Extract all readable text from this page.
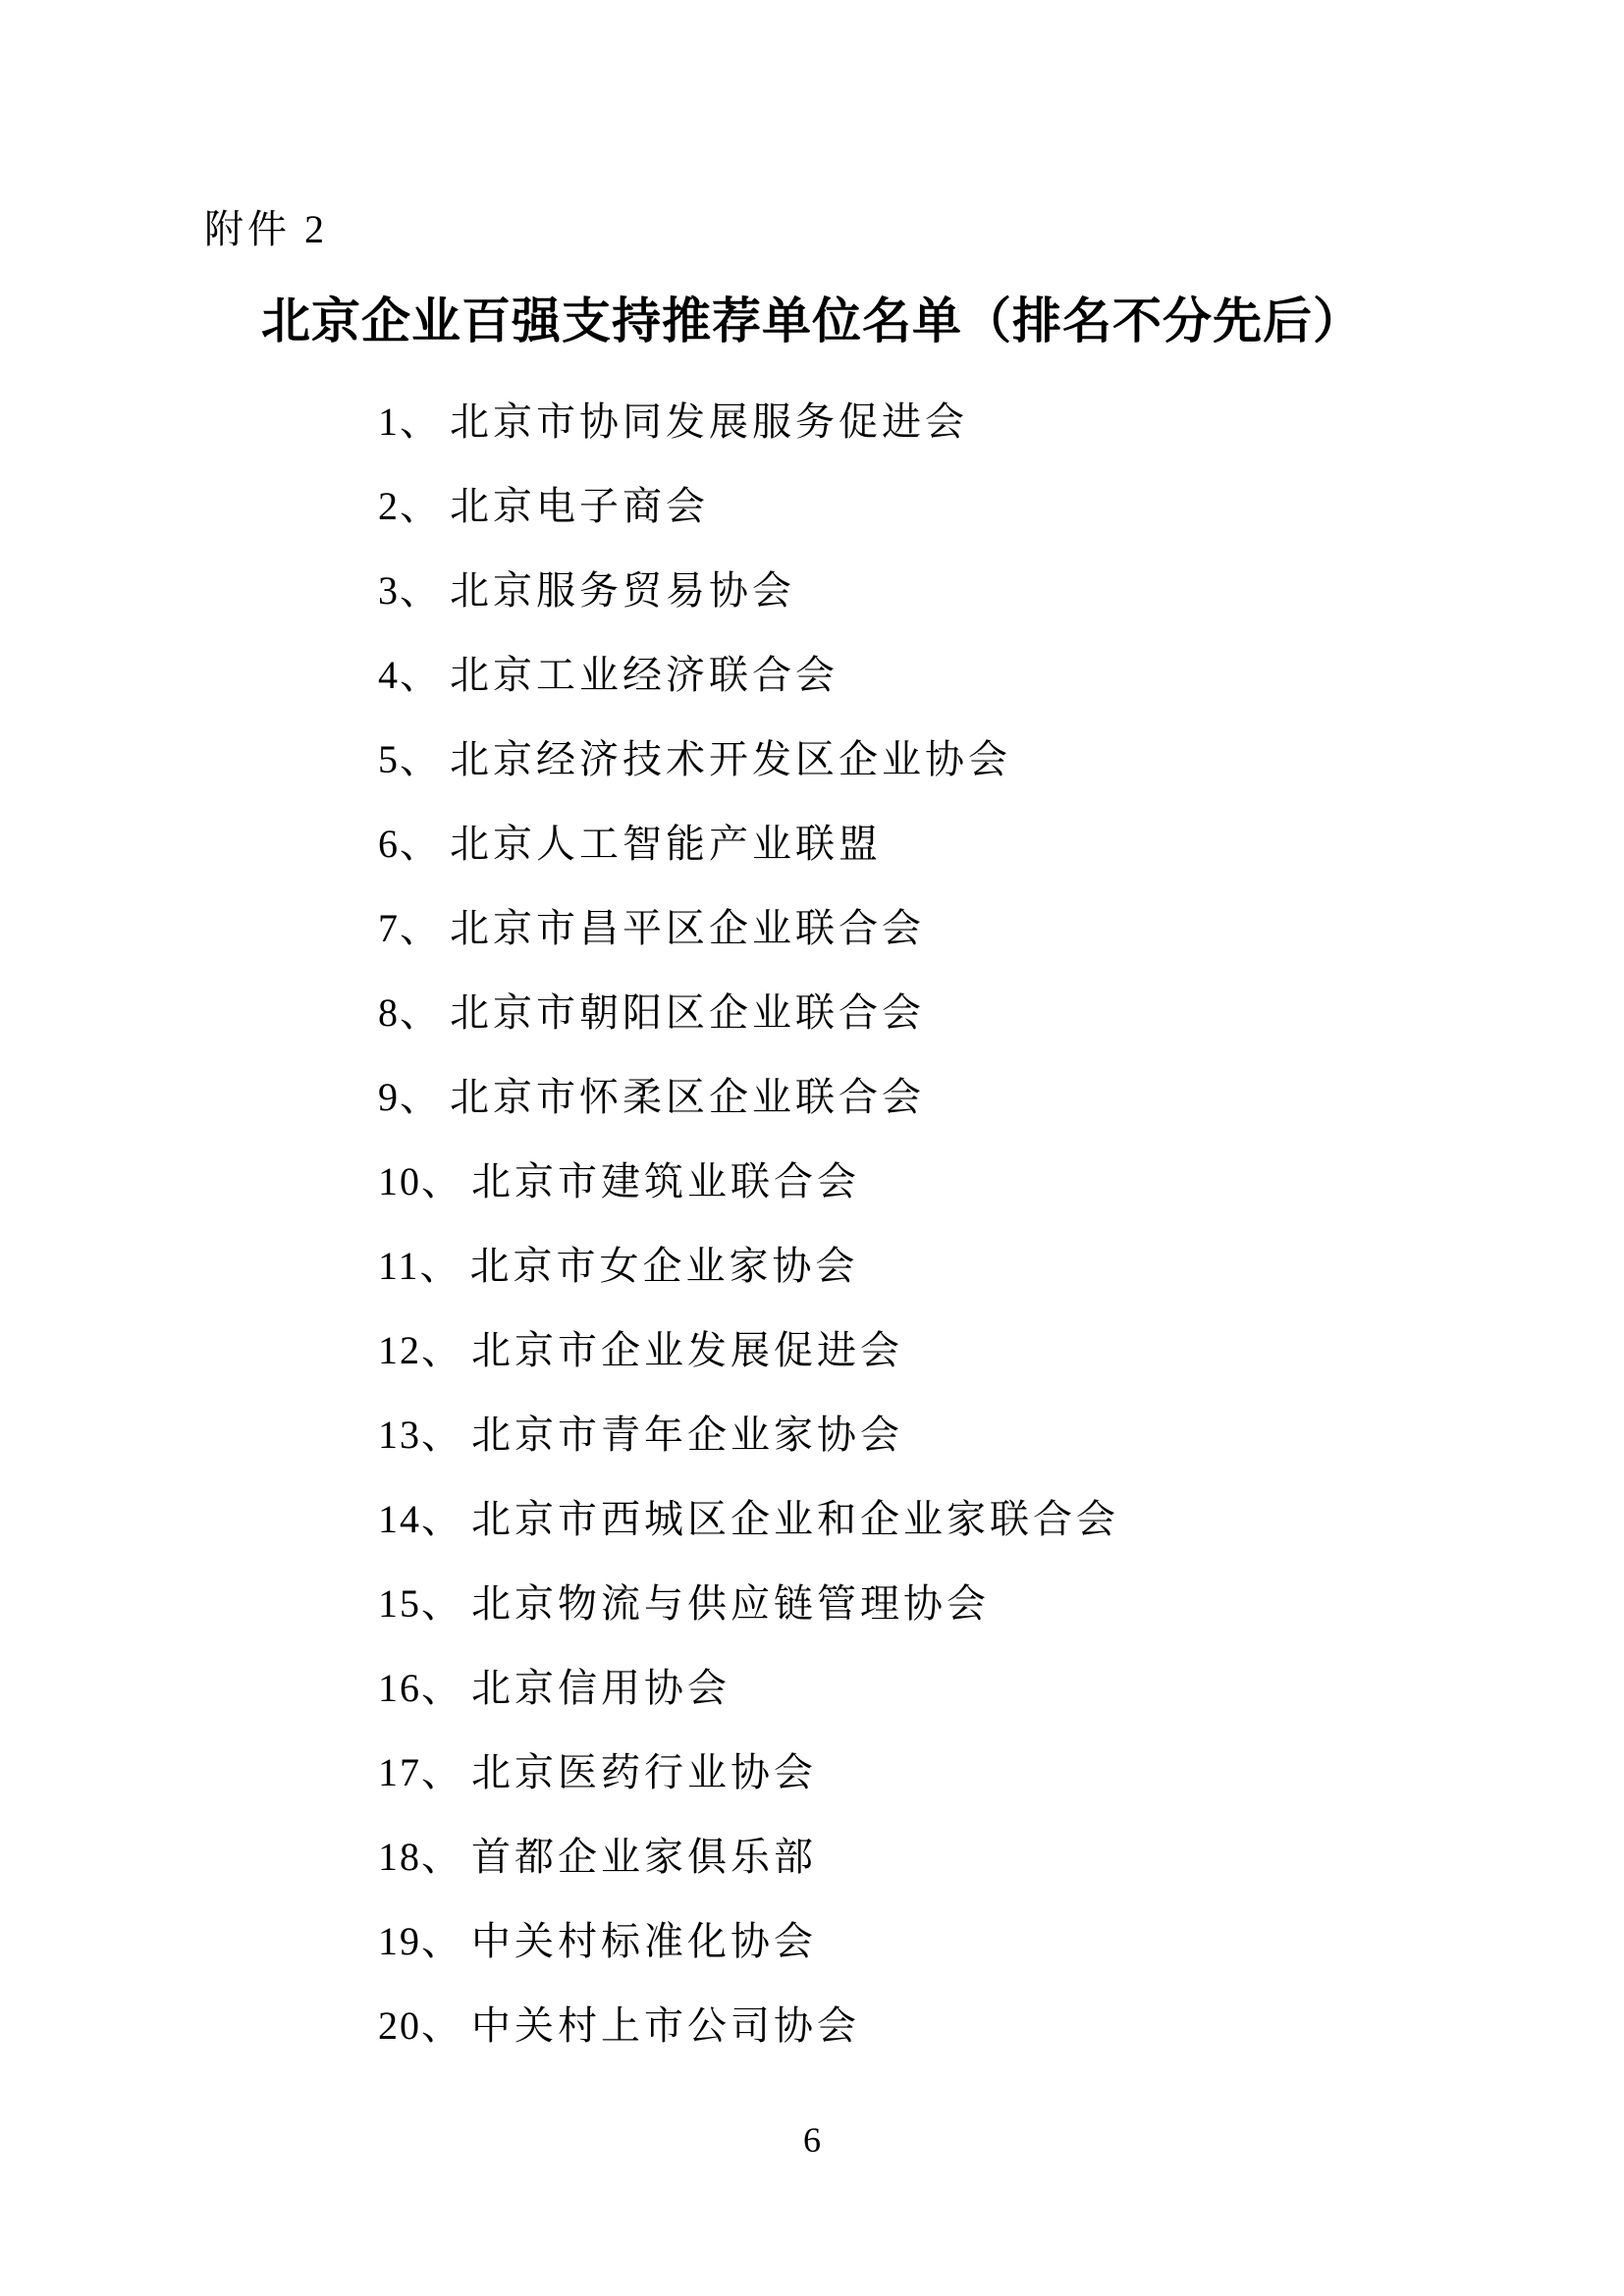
附件 2
北京企业百强支持推荐单位名单（排名不分先后）
1、 北京市协同发展服务促进会
2、 北京电子商会
3、 北京服务贸易协会
4、 北京工业经济联合会
5、 北京经济技术开发区企业协会
6、 北京人工智能产业联盟
7、 北京市昌平区企业联合会
8、 北京市朝阳区企业联合会
9、 北京市怀柔区企业联合会
10、 北京市建筑业联合会
11、 北京市女企业家协会
12、 北京市企业发展促进会
13、 北京市青年企业家协会
14、 北京市西城区企业和企业家联合会
15、 北京物流与供应链管理协会
16、 北京信用协会
17、 北京医药行业协会
18、 首都企业家俱乐部
19、 中关村标准化协会
20、 中关村上市公司协会
6
